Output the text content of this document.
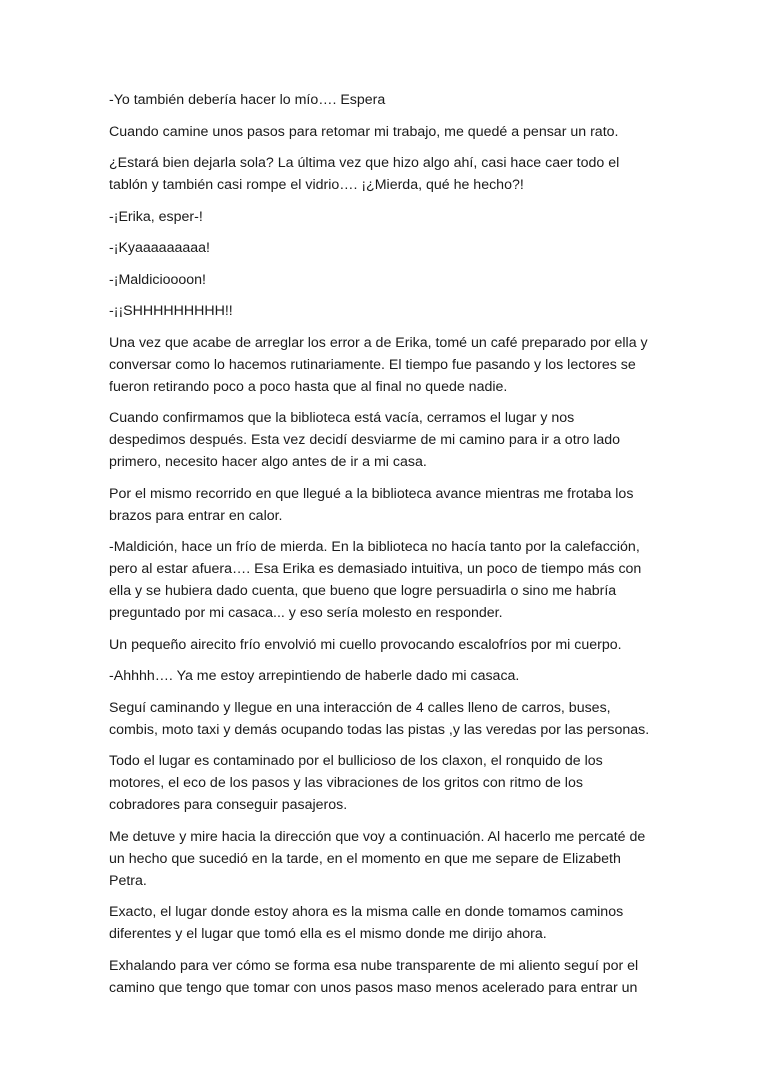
-Yo también debería hacer lo mío…. Espera

Cuando camine unos pasos para retomar mi trabajo, me quedé a pensar un rato.

¿Estará bien dejarla sola? La última vez que hizo algo ahí, casi hace caer todo el tablón y también casi rompe el vidrio…. ¡¿Mierda, qué he hecho?!

-¡Erika, esper-!

-¡Kyaaaaaaaaa!

-¡Maldicioooon!

-¡¡SHHHHHHHHH!!

Una vez que acabe de arreglar los error a de Erika, tomé un café preparado por ella y conversar como lo hacemos rutinariamente. El tiempo fue pasando y los lectores se fueron retirando poco a poco hasta que al final no quede nadie.

Cuando confirmamos que la biblioteca está vacía, cerramos el lugar y nos despedimos después. Esta vez decidí desviarme de mi camino para ir a otro lado primero, necesito hacer algo antes de ir a mi casa.

Por el mismo recorrido en que llegué a la biblioteca avance mientras me frotaba los brazos para entrar en calor.

-Maldición, hace un frío de mierda. En la biblioteca no hacía tanto por la calefacción, pero al estar afuera…. Esa Erika es demasiado intuitiva, un poco de tiempo más con ella y se hubiera dado cuenta, que bueno que logre persuadirla o sino me habría preguntado por mi casaca... y eso sería molesto en responder.

Un pequeño airecito frío envolvió mi cuello provocando escalofríos por mi cuerpo.

-Ahhhh…. Ya me estoy arrepintiendo de haberle dado mi casaca.

Seguí caminando y llegue en una interacción de 4 calles lleno de carros, buses, combis, moto taxi y demás ocupando todas las pistas ,y las veredas por las personas.

Todo el lugar es contaminado por el bullicioso de los claxon, el ronquido de los motores, el eco de los pasos y las vibraciones de los gritos con ritmo de los cobradores para conseguir pasajeros.

Me detuve y mire hacia la dirección que voy a continuación. Al hacerlo me percaté de un hecho que sucedió en la tarde, en el momento en que me separe de Elizabeth Petra.

Exacto, el lugar donde estoy ahora es la misma calle en donde tomamos caminos diferentes y el lugar que tomó ella es el mismo donde me dirijo ahora.

Exhalando para ver cómo se forma esa nube transparente de mi aliento seguí por el camino que tengo que tomar con unos pasos maso menos acelerado para entrar un
